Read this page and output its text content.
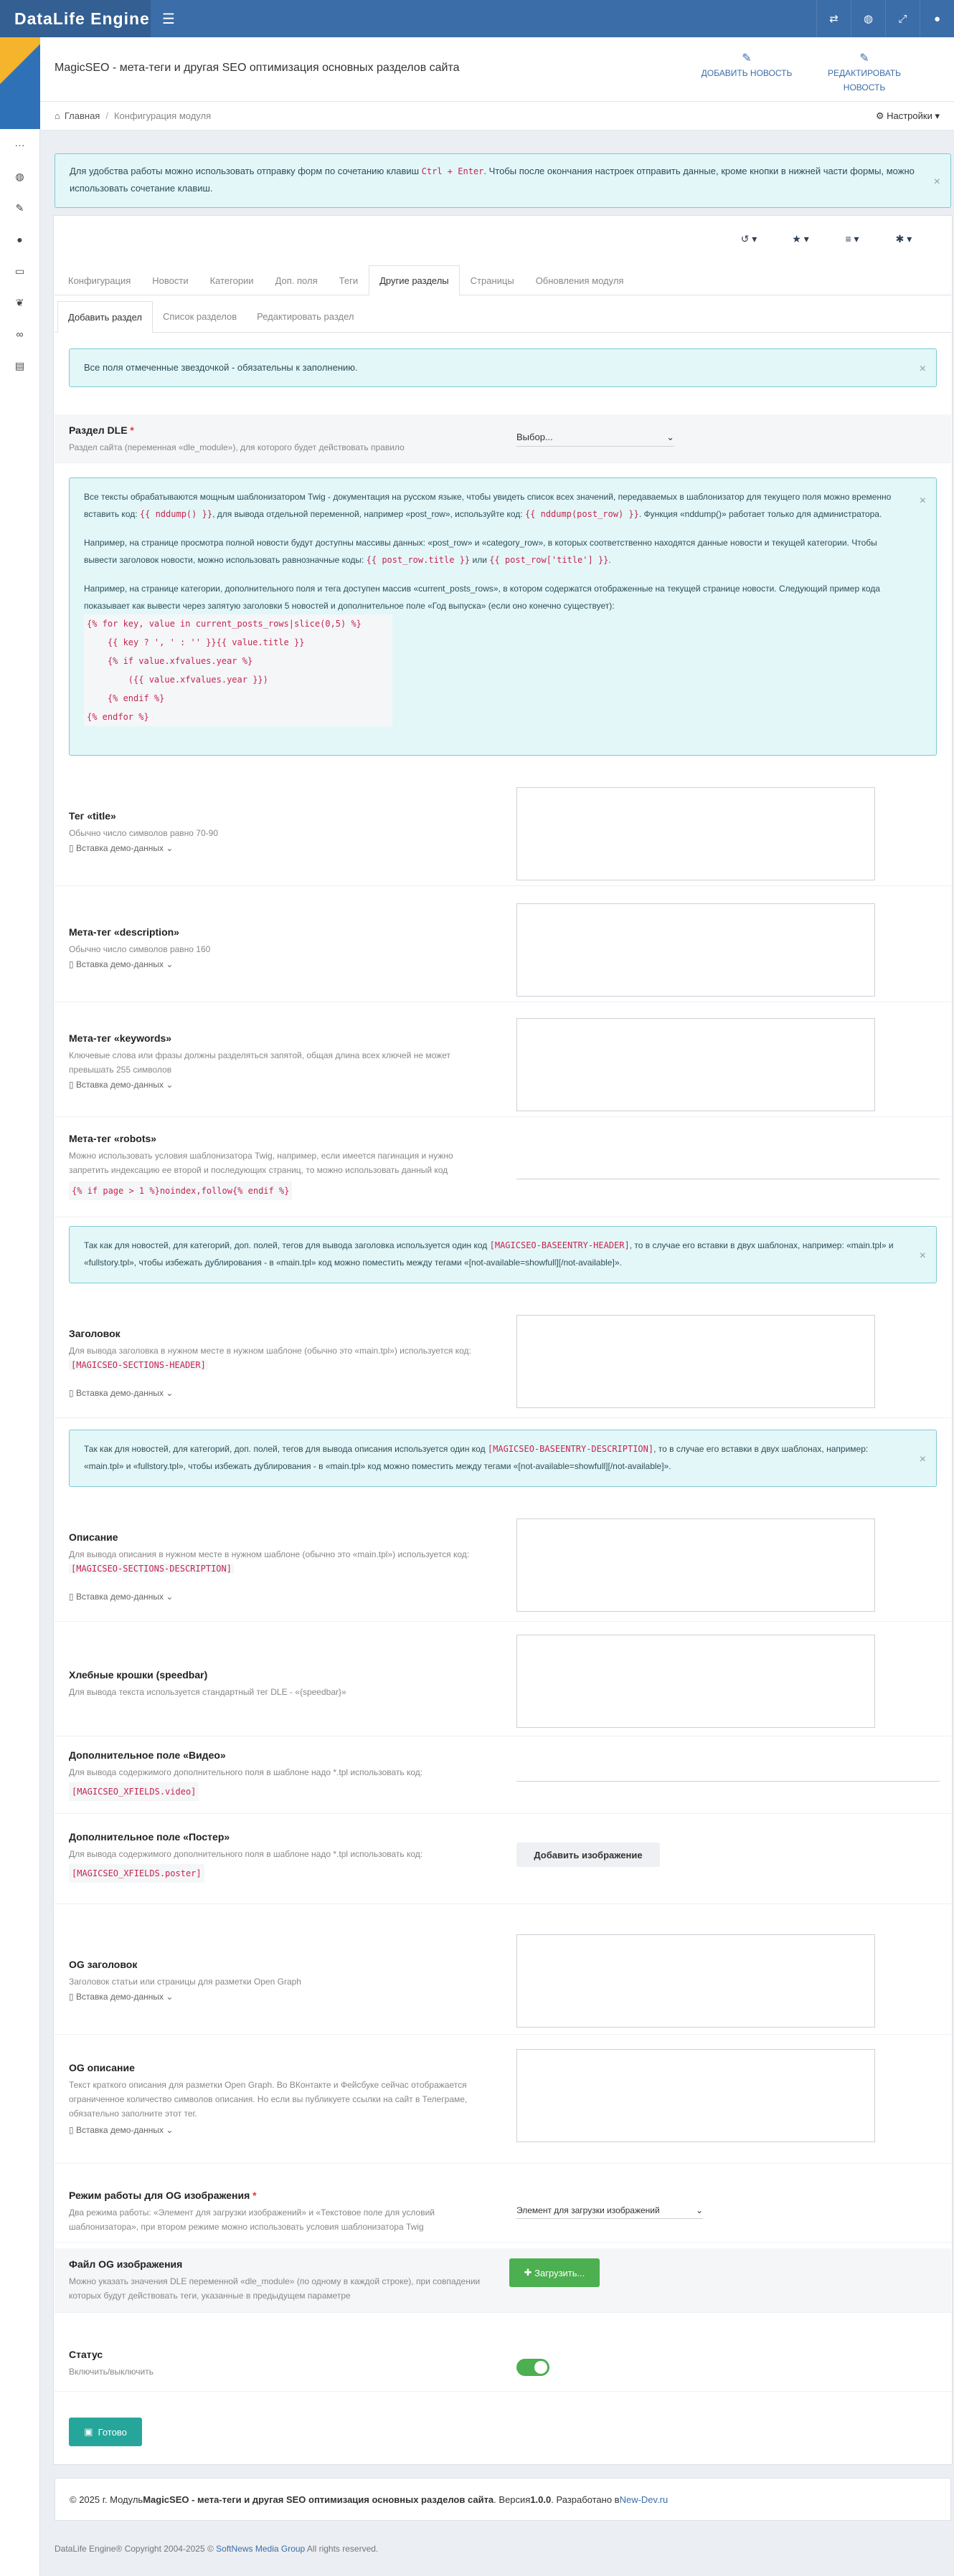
DataLife Engine ☰	⇄	◍	⤢	●
···
◍
✎
●
▭
❦
∞
▤
MagicSEO - мета-теги и другая SEO оптимизация основных разделов сайта
✎
ДОБАВИТЬ НОВОСТЬ
✎
РЕДАКТИРОВАТЬ НОВОСТЬ
⌂ Главная / Конфигурация модуля	⚙ Настройки ▾
Для удобства работы можно использовать отправку форм по сочетанию клавиш Ctrl + Enter. Чтобы после окончания настроек отправить данные, кроме кнопки в нижней части формы, можно использовать сочетание клавиш.
×
↺ ▾	★ ▾	≡ ▾	✱ ▾
Конфигурация	Новости	Категории	Доп. поля	Теги	Другие разделы	Страницы	Обновления модуля
Добавить раздел	Список разделов	Редактировать раздел
Все поля отмеченные звездочкой - обязательны к заполнению.	×
Раздел DLE *
Раздел сайта (переменная «dle_module»), для которого будет действовать правило
Выбор...	⌄

Все тексты обрабатываются мощным шаблонизатором Twig - документация на русском языке, чтобы увидеть список всех значений, передаваемых в шаблонизатор для текущего поля можно временно вставить код: {{ nddump() }}, для вывода отдельной переменной, например «post_row», используйте код: {{ nddump(post_row) }}. Функция «nddump()» работает только для администратора.

Например, на странице просмотра полной новости будут доступны массивы данных: «post_row» и «category_row», в которых соответственно находятся данные новости и текущей категории. Чтобы вывести заголовок новости, можно использовать равнозначные коды: {{ post_row.title }} или {{ post_row['title'] }}.

Например, на странице категории, дополнительного поля и тега доступен массив «current_posts_rows», в котором содержатся отображенные на текущей странице новости. Следующий пример кода показывает как вывести через запятую заголовки 5 новостей и дополнительное поле «Год выпуска» (если оно конечно существует):

{% for key, value in current_posts_rows|slice(0,5) %}
{{ key ? ', ' : '' }}{{ value.title }}
{% if value.xfvalues.year %}
({{ value.xfvalues.year }})
{% endif %}
{% endfor %}
×
Тег «title»
Обычно число символов равно 70-90
▯ Вставка демо-данных ⌄
Мета-тег «description»
Обычно число символов равно 160
▯ Вставка демо-данных ⌄
Мета-тег «keywords»
Ключевые слова или фразы должны разделяться запятой, общая длина всех ключей не может превышать 255 символов
▯ Вставка демо-данных ⌄
Мета-тег «robots»
Можно использовать условия шаблонизатора Twig, например, если имеется пагинация и нужно запретить индексацию ее второй и последующих страниц, то можно использовать данный код
{% if page > 1 %}noindex,follow{% endif %}
Так как для новостей, для категорий, доп. полей, тегов для вывода заголовка используется один код [MAGICSEO-BASEENTRY-HEADER], то в случае его вставки в двух шаблонах, например: «main.tpl» и «fullstory.tpl», чтобы избежать дублирования - в «main.tpl» код можно поместить между тегами «[not-available=showfull][/not-available]».
×
Заголовок
Для вывода заголовка в нужном месте в нужном шаблоне (обычно это «main.tpl») используется код: [MAGICSEO-SECTIONS-HEADER]
▯ Вставка демо-данных ⌄
Так как для новостей, для категорий, доп. полей, тегов для вывода описания используется один код [MAGICSEO-BASEENTRY-DESCRIPTION], то в случае его вставки в двух шаблонах, например: «main.tpl» и «fullstory.tpl», чтобы избежать дублирования - в «main.tpl» код можно поместить между тегами «[not-available=showfull][/not-available]».
×
Описание
Для вывода описания в нужном месте в нужном шаблоне (обычно это «main.tpl») используется код: [MAGICSEO-SECTIONS-DESCRIPTION]
▯ Вставка демо-данных ⌄
Хлебные крошки (speedbar)
Для вывода текста используется стандартный тег DLE - «{speedbar}»
Дополнительное поле «Видео»
Для вывода содержимого дополнительного поля в шаблоне надо *.tpl использовать код:
[MAGICSEO_XFIELDS.video]
Дополнительное поле «Постер»
Для вывода содержимого дополнительного поля в шаблоне надо *.tpl использовать код:
[MAGICSEO_XFIELDS.poster]
Добавить изображение
OG заголовок
Заголовок статьи или страницы для разметки Open Graph
▯ Вставка демо-данных ⌄
OG описание
Текст краткого описания для разметки Open Graph. Во ВКонтакте и Фейсбуке сейчас отображается ограниченное количество символов описания. Но если вы публикуете ссылки на сайт в Телеграме, обязательно заполните этот тег.
▯ Вставка демо-данных ⌄
Режим работы для OG изображения *
Два режима работы: «Элемент для загрузки изображений» и «Текстовое поле для условий шаблонизатора», при втором режиме можно использовать условия шаблонизатора Twig
Элемент для загрузки изображений	⌄
Файл OG изображения
Можно указать значения DLE переменной «dle_module» (по одному в каждой строке), при совпадении которых будут действовать теги, указанные в предыдущем параметре
✚ Загрузить...
Статус
Включить/выключить
▣ Готово
© 2025 г. Модуль MagicSEO - мета-теги и другая SEO оптимизация основных разделов сайта . Версия 1.0.0 . Разработано в New-Dev.ru
DataLife Engine® Copyright 2004-2025 © SoftNews Media Group All rights reserved.
